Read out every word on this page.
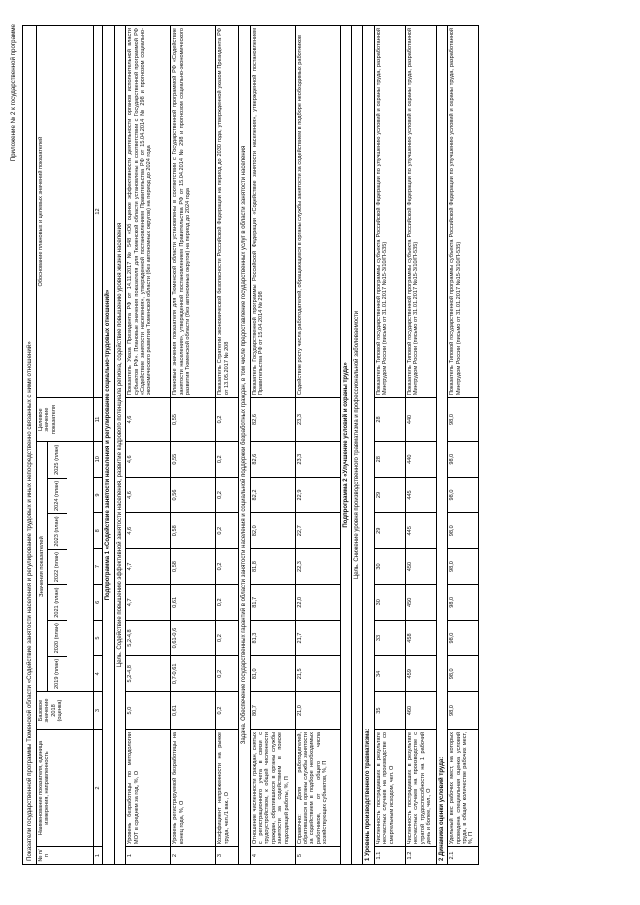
Приложение № 2 к государственной программе
Показатели государственной программы Тюменской области «Содействие занятости населения и регулирование трудовых и иных непосредственно связанных с ними отношений» № п/п
Наименование показателя, единица измерения, направленность
Базовое значение 2018 (оценка)
Значения показателей
2019 (план)
2020 (план)
2021 (план)
2022 (план)
2023 (план)
2024 (план)
2025 (план)
Целевое значение показателя
Обоснование плановых и целевых значений показателей
1
2
3
4
5
6
7
8
9
10
11
12
Подпрограмма 1 «Содействие занятости населения и регулирование социально-трудовых отношений» Цель. Содействие повышению эффективной занятости населения, развитие кадрового потенциала региона, содействие повышению уровня жизни населения
1
Уровень безработицы по методологии МОТ в среднем за год, %, О
5,0
5,2-4,8
5,2-4,8
4,7
4,7
4,6
4,6
4,6
4,6
Показатель Указа Президента РФ от 14.11.2017 № 548 «Об оценке эффективности деятельности органов исполнительной власти субъектов РФ». Плановые значения показателя для Тюменской области установлены в соответствии с Государственной программой РФ «Содействие занятости населения», утвержденной постановлением Правительства РФ от 15.04.2014 № 298 и прогнозом социально-экономического развития Тюменской области (без автономных округов) на период до 2024 года
2
Уровень регистрируемой безработицы на конец года, %, О
0,61
0,7-0,61
0,61-0,6
0,61
0,58
0,58
0,56
0,55
0,55
Плановые значения показателя для Тюменской области установлены в соответствии с Государственной программой РФ «Содействие занятости населения», утвержденной постановлением Правительства РФ от 15.04.2014 № 298 и прогнозом социально-экономического развития Тюменской области (без автономных округов) на период до 2024 года
3
Коэффициент напряженности на рынке труда, чел./1 вак., О
0,2
0,2
0,2
0,2
0,2
0,2
0,2
0,2
0,2
Показатель Стратегии экономической безопасности Российской Федерации на период до 2030 года, утвержденной указом Президента РФ от 13.05.2017 № 208	Задача. Обеспечение государственных гарантий в области занятости населения и социальной поддержки безработных граждан, в том числе предоставление государственных услуг в области занятости населения
4
Отношение численности граждан, снятых с регистрационного учета в связи с трудоустройством, к общей численности граждан, обратившихся в органы службы занятости за содействием в поиске подходящей работы, %, П
80,7
81,0
81,3
81,7
81,8
82,0
82,2
82,6
82,6
Показатель Государственной программы Российской Федерации «Содействие занятости населения», утвержденной постановлением Правительства РФ от 15.04.2014 № 298
5
Справочно: Доля работодателей, обратившихся в органы службы занятости за содействием в подборе необходимых работников, от общего числа хозяйствующих субъектов, %, П
21,0
21,5
21,7
22,0
22,3
22,7
22,9
23,3
23,3
Содействие росту числа работодателей, обращающихся в органы службы занятости за содействием в подборе необходимых работников
Подпрограмма 2 «Улучшение условий и охраны труда» Цель. Снижение уровня производственного травматизма и профессиональной заболеваемости
1 Уровень производственного травматизма: 1.1
Численность пострадавших в результате несчастных случаев на производстве со смертельным исходом, чел. О
35
34
33
30
30
29
29
28
28
Показатель Типовой государственной программы субъекта Российской Федерации по улучшению условий и охраны труда, разработанной Минтрудом России (письмо от 31.01.2017 №15-3/10/П-535)
1.2
Численность пострадавших в результате несчастных случаев на производстве с утратой трудоспособности на 1 рабочий день и более, чел., О
460
459
458
450
450
445
445
440
440
Показатель Типовой государственной программы субъекта Российской Федерации по улучшению условий и охраны труда, разработанной Минтрудом России (письмо от 31.01.2017 №15-3/10/П-535)
2 Динамика оценки условий труда: 2.1
Удельный вес рабочих мест, на которых проведена специальная оценка условий труда, в общем количестве рабочих мест, %, П
98,0
98,0
98,0
98,0
98,0
98,0
98,0
98,0
98,0
Показатель Типовой государственной программы субъекта Российской Федерации по улучшению условий и охраны труда, разработанной Минтрудом России (письмо от 31.01.2017 №15-3/10/П-535)
